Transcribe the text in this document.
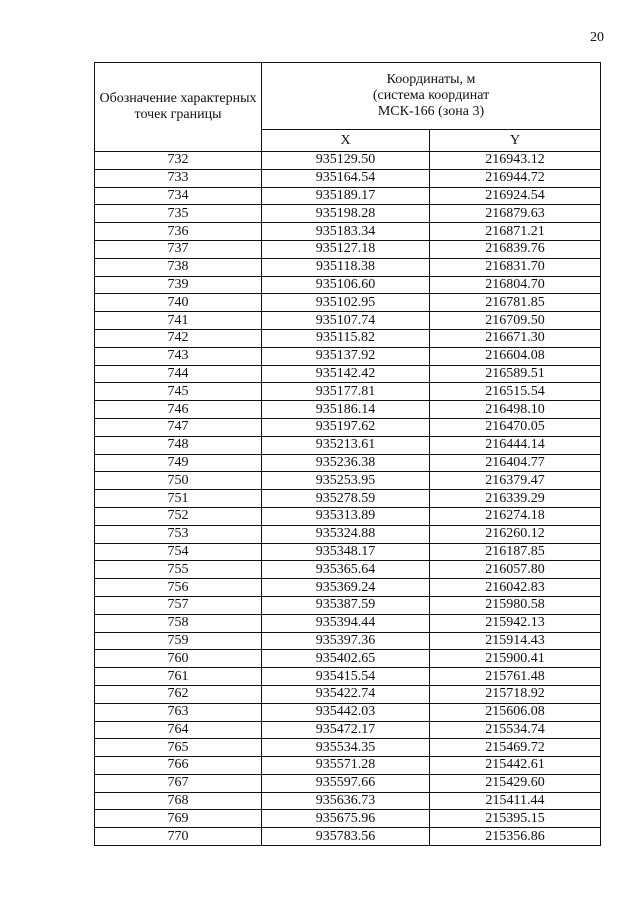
20
Обозначение характерных точек границы	Координаты, м
(система координат
МСК-166 (зона 3)	

	X	Y
732	935129.50	216943.12
733	935164.54	216944.72
734	935189.17	216924.54
735	935198.28	216879.63
736	935183.34	216871.21
737	935127.18	216839.76
738	935118.38	216831.70
739	935106.60	216804.70
740	935102.95	216781.85
741	935107.74	216709.50
742	935115.82	216671.30
743	935137.92	216604.08
744	935142.42	216589.51
745	935177.81	216515.54
746	935186.14	216498.10
747	935197.62	216470.05
748	935213.61	216444.14
749	935236.38	216404.77
750	935253.95	216379.47
751	935278.59	216339.29
752	935313.89	216274.18
753	935324.88	216260.12
754	935348.17	216187.85
755	935365.64	216057.80
756	935369.24	216042.83
757	935387.59	215980.58
758	935394.44	215942.13
759	935397.36	215914.43
760	935402.65	215900.41
761	935415.54	215761.48
762	935422.74	215718.92
763	935442.03	215606.08
764	935472.17	215534.74
765	935534.35	215469.72
766	935571.28	215442.61
767	935597.66	215429.60
768	935636.73	215411.44
769	935675.96	215395.15
770	935783.56	215356.86
